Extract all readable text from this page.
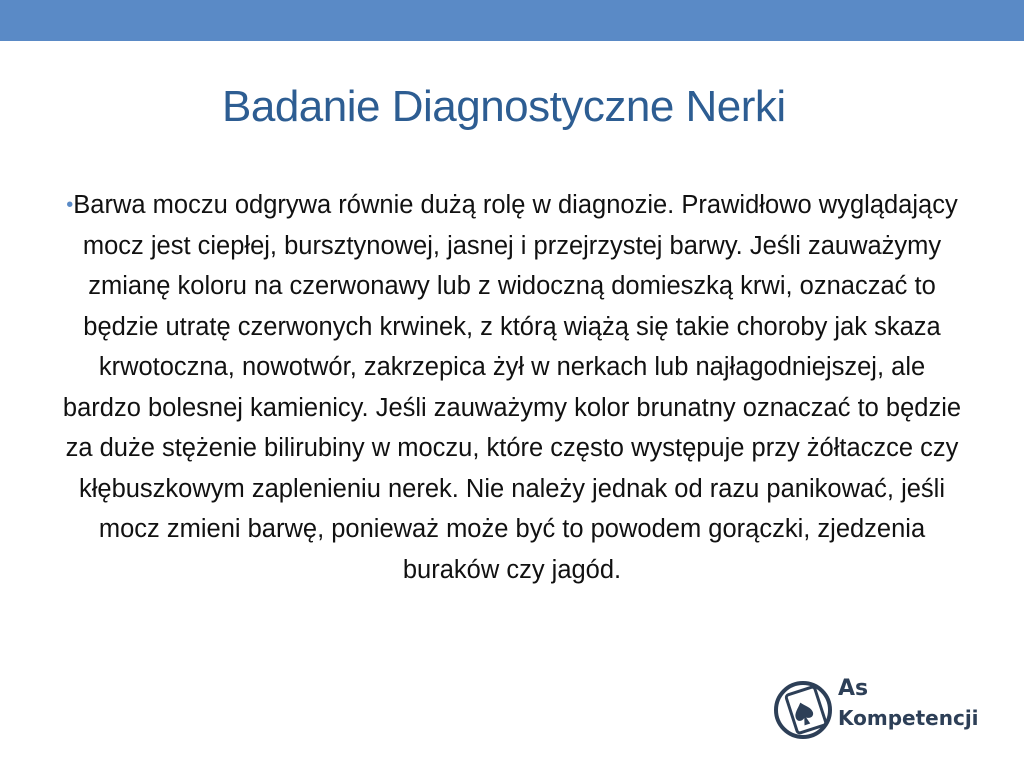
Badanie Diagnostyczne Nerki

•Barwa moczu odgrywa równie dużą rolę w diagnozie. Prawidłowo wyglądający mocz jest ciepłej, bursztynowej, jasnej i przejrzystej barwy. Jeśli zauważymy zmianę koloru na czerwonawy lub z widoczną domieszką krwi, oznaczać to będzie utratę czerwonych krwinek, z którą wiążą się takie choroby jak skaza krwotoczna, nowotwór, zakrzepica żył w nerkach lub najłagodniejszej, ale bardzo bolesnej kamienicy. Jeśli zauważymy kolor brunatny oznaczać to będzie za duże stężenie bilirubiny w moczu, które często występuje przy żółtaczce czy kłębuszkowym zaplenieniu nerek. Nie należy jednak od razu panikować, jeśli mocz zmieni barwę, ponieważ może być to powodem gorączki, zjedzenia buraków czy jagód.

As
Kompetencji
